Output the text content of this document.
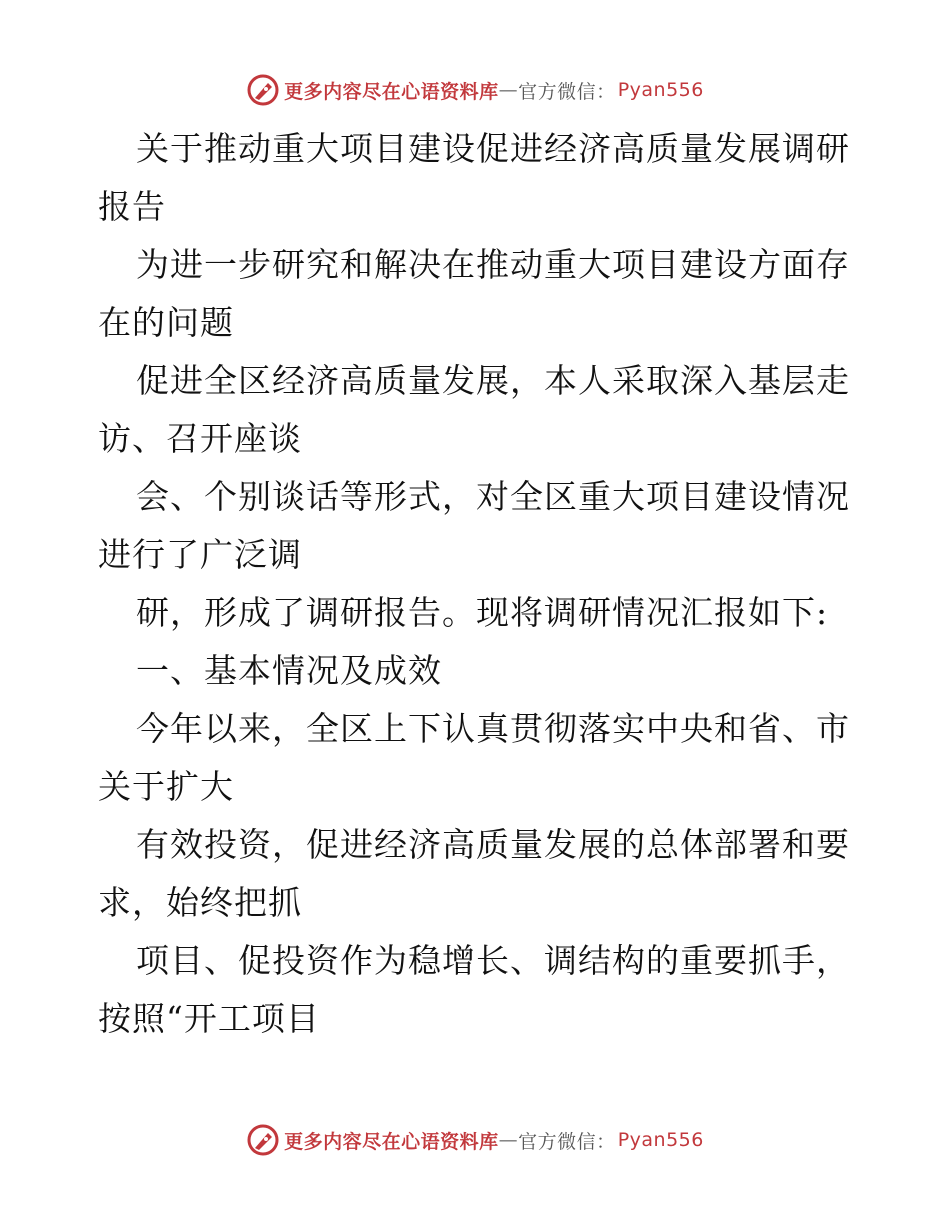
更多内容尽在心语资料库 — 官方微信： Pyan556
关于推动重大项目建设促进经济高质量发展调研
报告
为进一步研究和解决在推动重大项目建设方面存
在的问题
促进全区经济高质量发展，本人采取深入基层走
访、召开座谈
会、个别谈话等形式，对全区重大项目建设情况
进行了广泛调
研，形成了调研报告。现将调研情况汇报如下:
一、基本情况及成效
今年以来，全区上下认真贯彻落实中央和省、市
关于扩大
有效投资，促进经济高质量发展的总体部署和要
求，始终把抓
项目、促投资作为稳增长、调结构的重要抓手，
按照“开工项目
更多内容尽在心语资料库 — 官方微信： Pyan556
